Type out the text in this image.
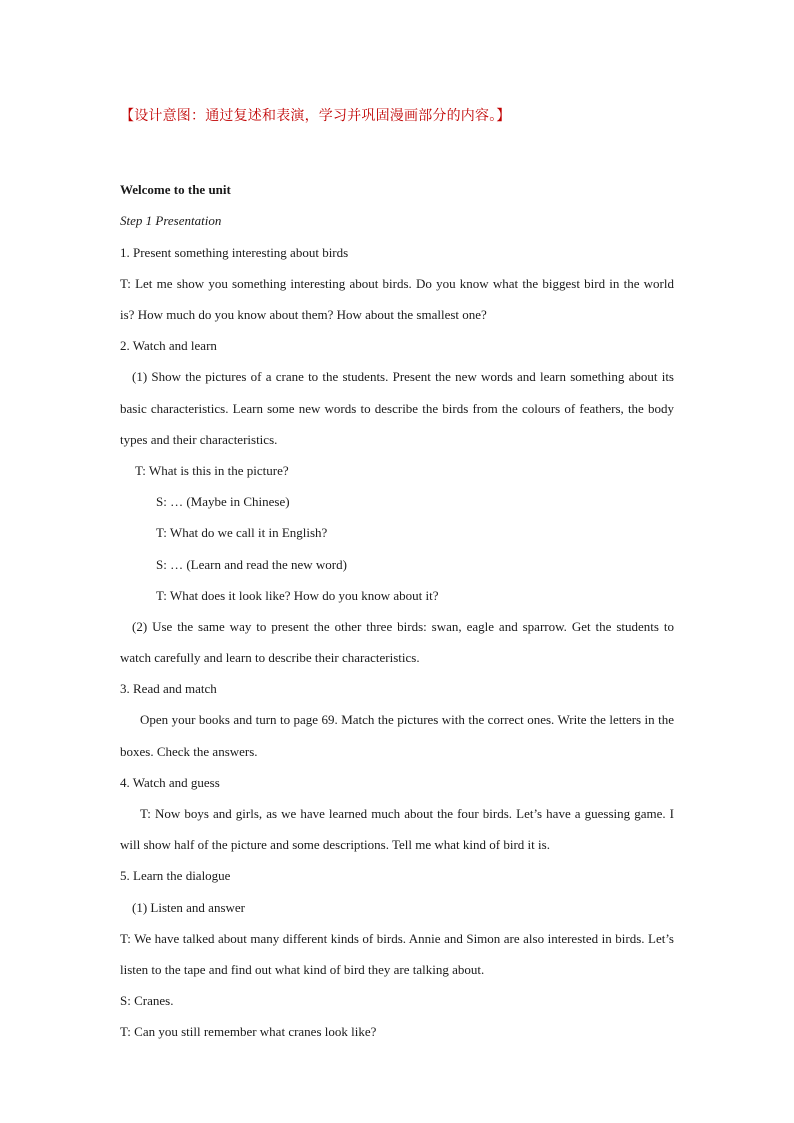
【设计意图：通过复述和表演，学习并巩固漫画部分的内容。】
Welcome to the unit
Step 1 Presentation
1. Present something interesting about birds
T: Let me show you something interesting about birds. Do you know what the biggest bird in the world is? How much do you know about them? How about the smallest one?
2. Watch and learn
(1) Show the pictures of a crane to the students. Present the new words and learn something about its basic characteristics. Learn some new words to describe the birds from the colours of feathers, the body types and their characteristics.
T: What is this in the picture?
S: … (Maybe in Chinese)
T: What do we call it in English?
S: … (Learn and read the new word)
T: What does it look like? How do you know about it?
(2) Use the same way to present the other three birds: swan, eagle and sparrow. Get the students to watch carefully and learn to describe their characteristics.
3. Read and match
Open your books and turn to page 69. Match the pictures with the correct ones. Write the letters in the boxes. Check the answers.
4. Watch and guess
T: Now boys and girls, as we have learned much about the four birds. Let’s have a guessing game. I will show half of the picture and some descriptions. Tell me what kind of bird it is.
5. Learn the dialogue
(1) Listen and answer
T: We have talked about many different kinds of birds. Annie and Simon are also interested in birds. Let’s listen to the tape and find out what kind of bird they are talking about.
S: Cranes.
T: Can you still remember what cranes look like?
